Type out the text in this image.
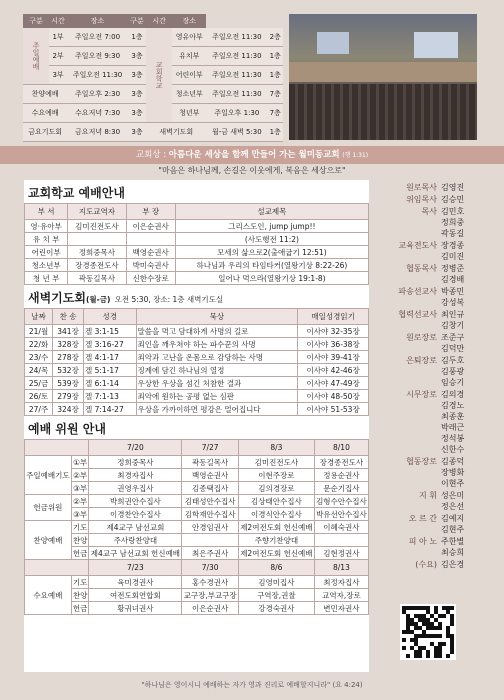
구분	시간	장소	구분	시간	장소		
주일예배	1부	주일오전 7:00	1층	교회학교	영유아부	주일오전 11:30	2층
	2부	주일오전 9:30	3층		유치부	주일오전 11:30	1층
	3부	주일오전 11:30	3층		어린이부	주일오전 11:30	1층
찬양예배		주일오후 2:30	3층		청소년부	주일오전 11:30	7층
수요예배		수요저녁 7:30	3층		청년부	주일오후 1:30	7층
금요기도회		금요저녁 8:30	3층	새벽기도회		월-금 새벽 5:30	1층
교회상 : 아름다운 세상을 함께 만들어 가는 월미동교회 (행 1:31)
"마음은 하나님께, 손길은 이웃에게, 복음은 세상으로"
교회학교 예배안내
부 서	지도교역자	부 장	설교제목
영·유아부	김미진전도사	이은순권사	그리스도인, jump jump!!
유 치 부			(사도행전 11:2)
어린이부	정희중목사	백영순권사	모세의 삶으로2(출애굽기 12:51)
청소년부	장경종전도사	박미숙권사	하나님과 우리의 타임타커(열왕기상 8:22-26)
청 년 부	곽동길목사	신한수장로	일어나 먹으라(열왕기상 19:1-8)
새벽기도회(월-금) 오전 5:30, 장소: 1층 새벽기도실
날짜	찬 송	성경	묵상	매일성경읽기
21/월	341장	겔 3:1-15	말씀을 먹고 담대하게 사명의 길로	이사야 32-35장
22/화	328장	겔 3:16-27	죄인을 깨우쳐야 하는 파수꾼의 사명	이사야 36-38장
23/수	278장	겔 4:1-17	죄악과 고난을 온몸으로 감당하는 사명	이사야 39-41장
24/목	532장	겔 5:1-17	징계에 담긴 하나님의 열정	이사야 42-46장
25/금	539장	겔 6:1-14	우상한 우상을 섬긴 처참한 결과	이사야 47-49장
26/토	279장	겔 7:1-13	죄악에 원하는 공평 없는 심판	이사야 48-50장
27/주	324장	겔 7:14-27	우상을 가까이하면 평강은 멀어집니다	이사야 51-53장
예배 위원 안내
		7/20	7/27	8/3	8/10
주일예배기도	①부	정희중목사	곽동길목사	김미진전도사	장경종전도사
	②부	최경자집사	백영순권사	이현주장로	정용순권사
	③부	권영우집사	김종택집사	김의경장로	문순기집사
헌금위원	②부	박희권안수집사	김태성안수집사	김상태안수집사	김형수안수집사
	③부	이경찬안수집사	김학재안수집사	이경식안수집사	박유선안수집사
찬양예배	기도	제4교구 남선교회	안경임권사	제2여전도회 헌신예배	이혜숙권사
	찬양	주사랑찬양대		주향기찬양대	
	헌금	제4교구 남선교회 헌신예배	최은주권사	제2여전도회 헌신예배	김현정권사
		7/23	7/30	8/6	8/13
수요예배	기도	육미경권사	홍수경권사	김영미집사	최정자집사
	찬양	여전도회연합회	교구장,부교구장	구역장,권찰	교역자,장로
	헌금	황귀녀권사	이은순권사	강경숙권사	변민자권사
원로목사 김영진
위임목사 김승민
목사 김민호
정희중
곽동길
교육전도사 장경종
김미진
협동목사 정병준
김경배
파송선교사 박종민
강성복
협력선교사 최인규
김창기
원로장로 조준구
김덕만
은퇴장로 김두호
김풍광
임승기
시무장로 김의경
김경노
최종훈
박래근
정석봉
신한수
협동장로 김종덕
장병화
이현주
지 휘 성은미
정은선
오 르 간 김예지
김현주
피 아 노 주한별
최승희
(수요) 김은경
"하나님은 영이시니 예배하는 자가 영과 진리로 예배할지니라" (요 4:24)
